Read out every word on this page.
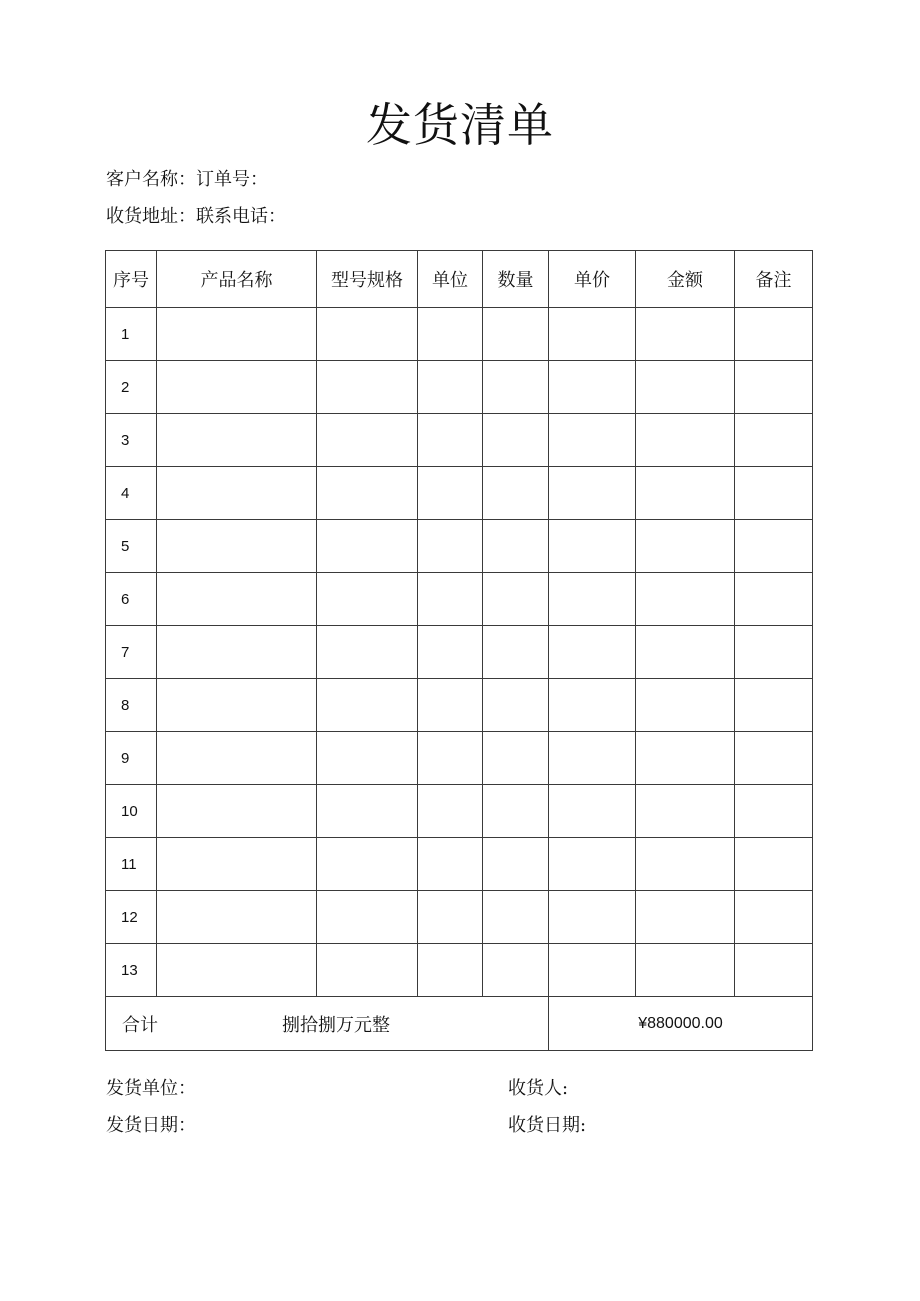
发货清单
客户名称：订单号：
收货地址：联系电话：
序号	产品名称	型号规格	单位	数量	单价	金额	备注
1							
2							
3							
4							
5							
6							
7							
8							
9							
10							
11							
12							
13							
合计 捌拾捌万元整					¥880000.00		
发货单位：	收货人:
发货日期：	收货日期:
